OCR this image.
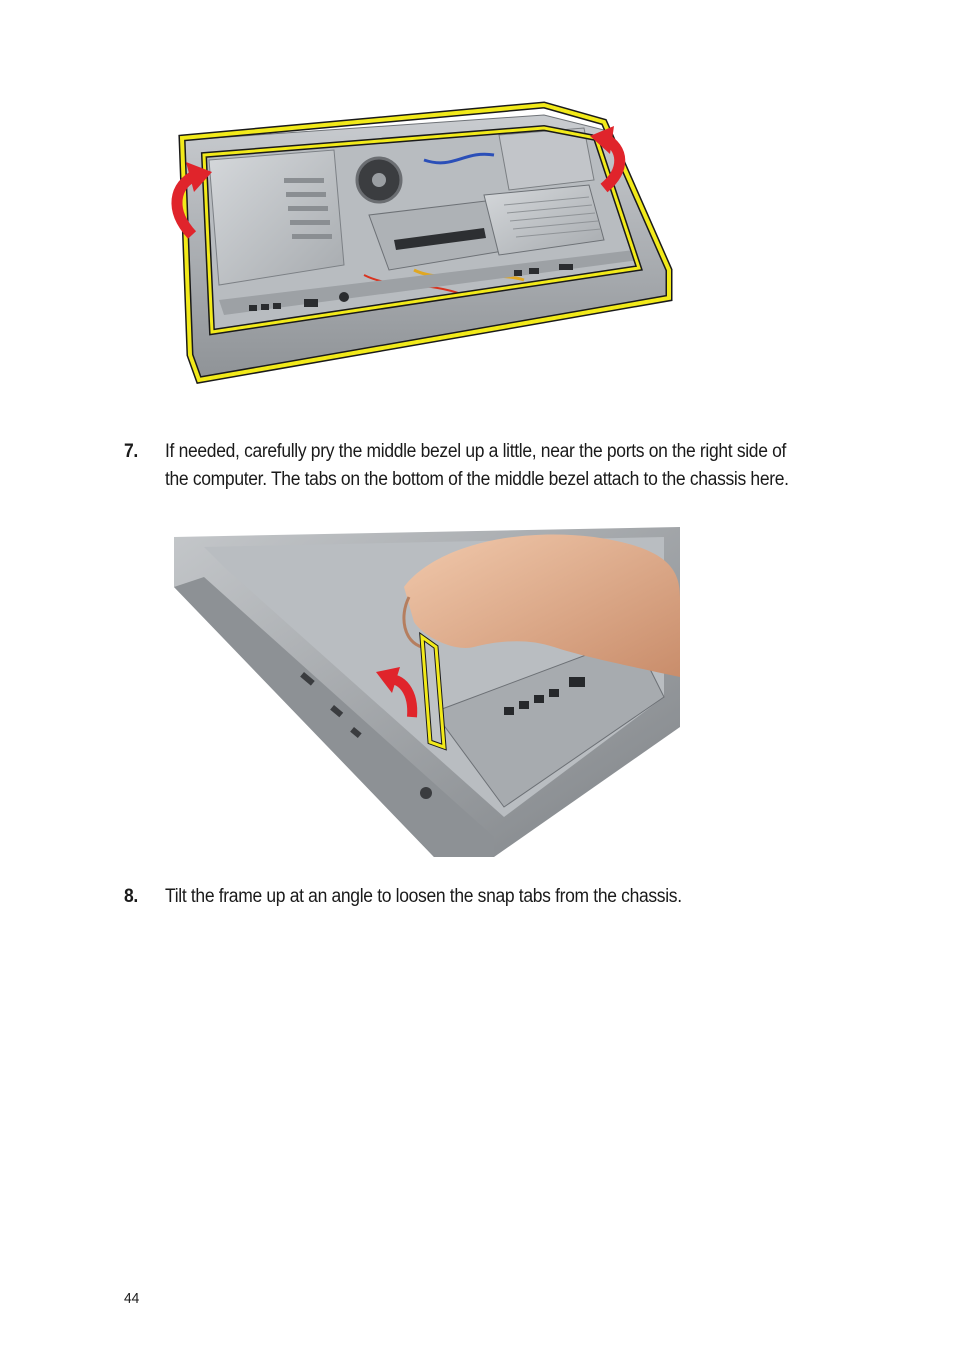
7. If needed, carefully pry the middle bezel up a little, near the ports on the right side of the computer. The tabs on the bottom of the middle bezel attach to the chassis here.
8. Tilt the frame up at an angle to loosen the snap tabs from the chassis.
44
